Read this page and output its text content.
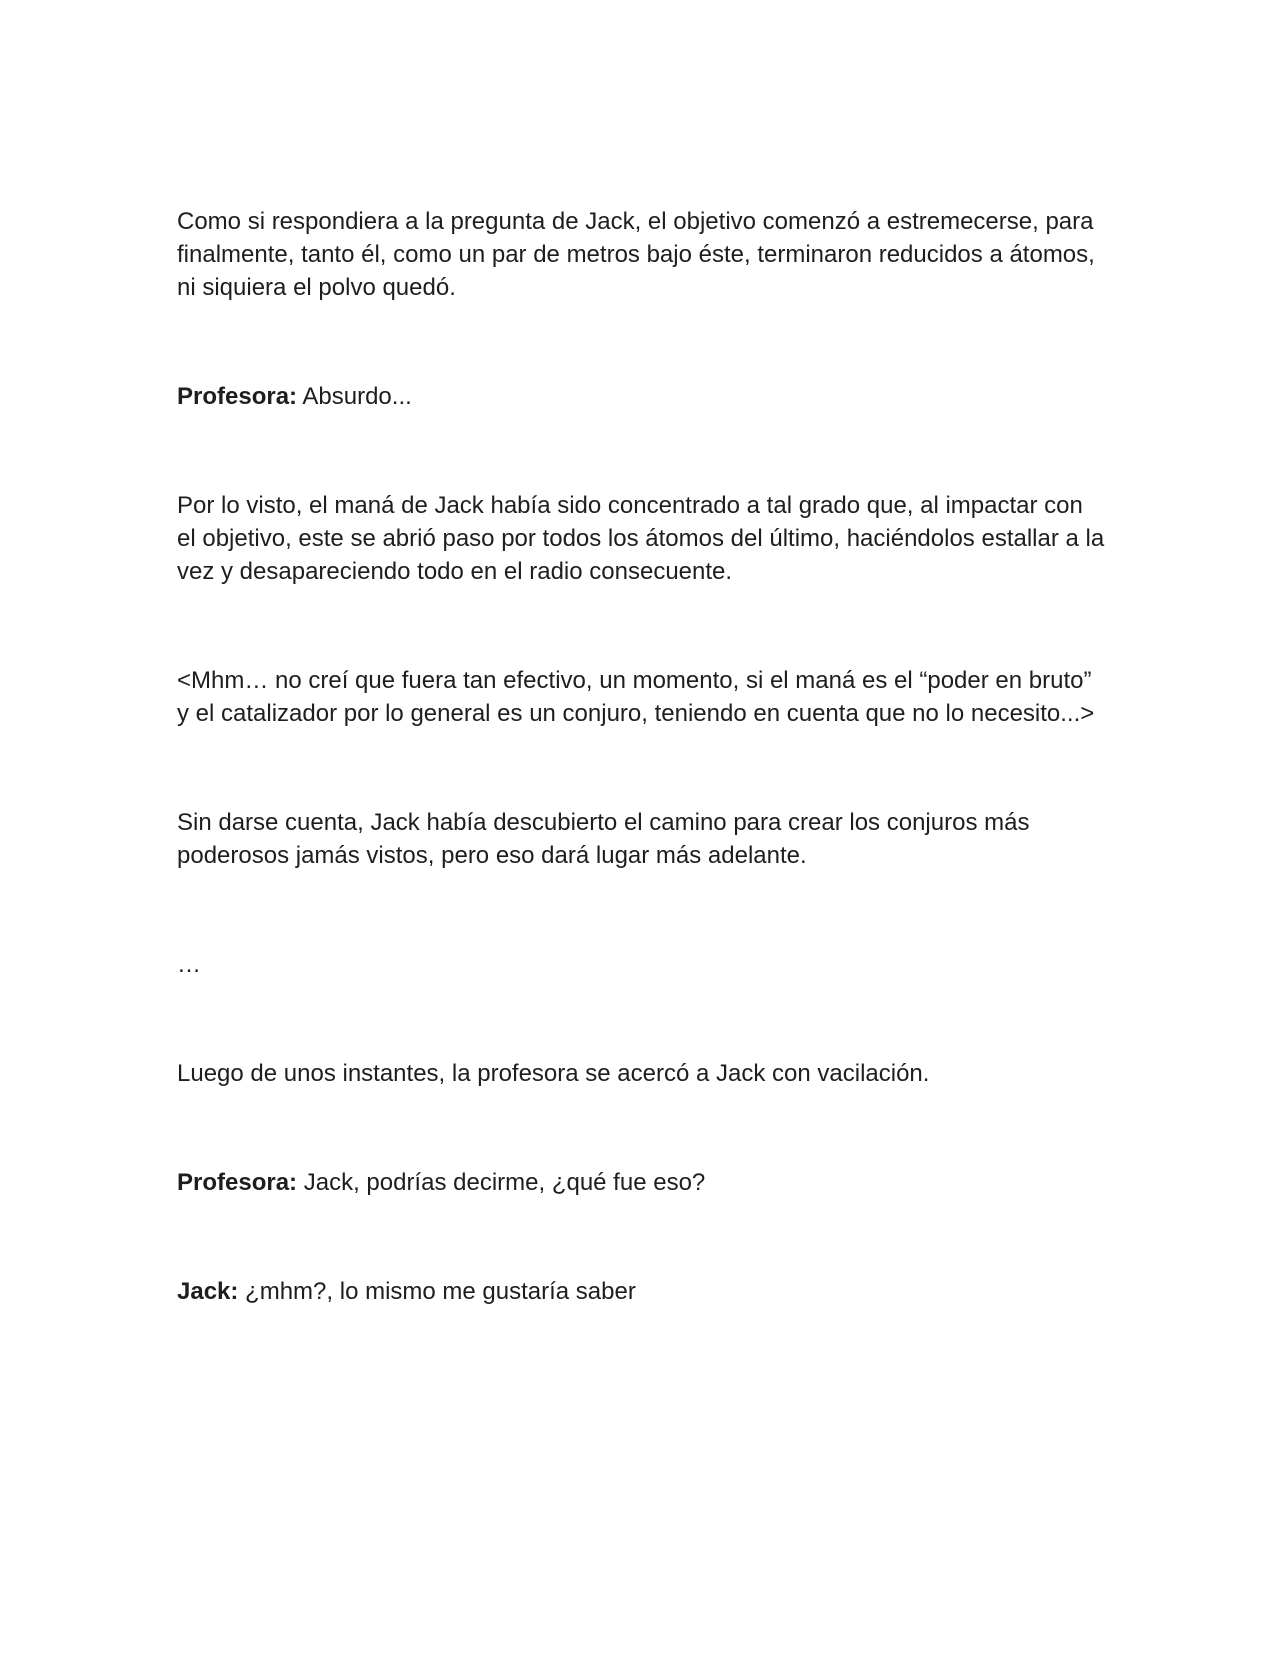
Como si respondiera a la pregunta de Jack, el objetivo comenzó a estremecerse, para finalmente, tanto él, como un par de metros bajo éste, terminaron reducidos a átomos, ni siquiera el polvo quedó.

Profesora: Absurdo...

Por lo visto, el maná de Jack había sido concentrado a tal grado que, al impactar con el objetivo, este se abrió paso por todos los átomos del último, haciéndolos estallar a la vez y desapareciendo todo en el radio consecuente.

<Mhm… no creí que fuera tan efectivo, un momento, si el maná es el “poder en bruto” y el catalizador por lo general es un conjuro, teniendo en cuenta que no lo necesito...>

Sin darse cuenta, Jack había descubierto el camino para crear los conjuros más poderosos jamás vistos, pero eso dará lugar más adelante.

…

Luego de unos instantes, la profesora se acercó a Jack con vacilación.

Profesora: Jack, podrías decirme, ¿qué fue eso?

Jack: ¿mhm?, lo mismo me gustaría saber
